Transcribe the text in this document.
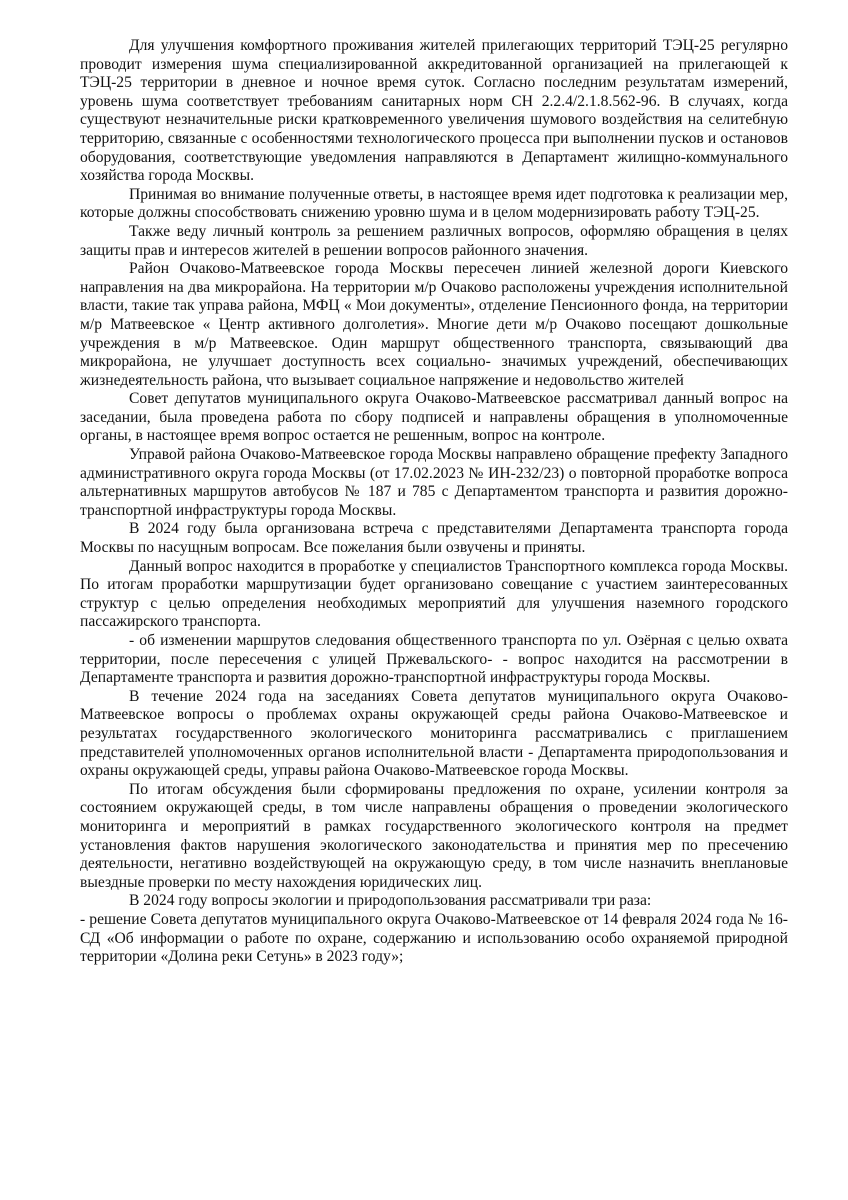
Для улучшения комфортного проживания жителей прилегающих территорий ТЭЦ-25 регулярно проводит измерения шума специализированной аккредитованной организацией на прилегающей к ТЭЦ-25 территории в дневное и ночное время суток. Согласно последним результатам измерений, уровень шума соответствует требованиям санитарных норм СН 2.2.4/2.1.8.562-96. В случаях, когда существуют незначительные риски кратковременного увеличения шумового воздействия на селитебную территорию, связанные с особенностями технологического процесса при выполнении пусков и остановов оборудования, соответствующие уведомления направляются в Департамент жилищно-коммунального хозяйства города Москвы.

Принимая во внимание полученные ответы, в настоящее время идет подготовка к реализации мер, которые должны способствовать снижению уровню шума и в целом модернизировать работу ТЭЦ-25.

Также веду личный контроль за решением различных вопросов, оформляю обращения в целях защиты прав и интересов жителей в решении вопросов районного значения.

Район Очаково-Матвеевское города Москвы пересечен линией железной дороги Киевского направления на два микрорайона. На территории м/р Очаково расположены учреждения исполнительной власти, такие так управа района, МФЦ « Мои документы», отделение Пенсионного фонда, на территории м/р Матвеевское « Центр активного долголетия». Многие дети м/р Очаково посещают дошкольные учреждения в м/р Матвеевское. Один маршрут общественного транспорта, связывающий два микрорайона, не улучшает доступность всех социально- значимых учреждений, обеспечивающих жизнедеятельность района, что вызывает социальное напряжение и недовольство жителей

Совет депутатов муниципального округа Очаково-Матвеевское рассматривал данный вопрос на заседании, была проведена работа по сбору подписей и направлены обращения в уполномоченные органы, в настоящее время вопрос остается не решенным, вопрос на контроле.

Управой района Очаково-Матвеевское города Москвы направлено обращение префекту Западного административного округа города Москвы (от 17.02.2023 № ИН-232/23) о повторной проработке вопроса альтернативных маршрутов автобусов № 187 и 785 с Департаментом транспорта и развития дорожно-транспортной инфраструктуры города Москвы.

В 2024 году была организована встреча с представителями Департамента транспорта города Москвы по насущным вопросам. Все пожелания были озвучены и приняты.

Данный вопрос находится в проработке у специалистов Транспортного комплекса города Москвы. По итогам проработки маршрутизации будет организовано совещание с участием заинтересованных структур с целью определения необходимых мероприятий для улучшения наземного городского пассажирского транспорта.

- об изменении маршрутов следования общественного транспорта по ул. Озёрная с целью охвата территории, после пересечения с улицей Пржевальского- - вопрос находится на рассмотрении в Департаменте транспорта и развития дорожно-транспортной инфраструктуры города Москвы.

В течение 2024 года на заседаниях Совета депутатов муниципального округа Очаково-Матвеевское вопросы о проблемах охраны окружающей среды района Очаково-Матвеевское и результатах государственного экологического мониторинга рассматривались с приглашением представителей уполномоченных органов исполнительной власти - Департамента природопользования и охраны окружающей среды, управы района Очаково-Матвеевское города Москвы.

По итогам обсуждения были сформированы предложения по охране, усилении контроля за состоянием окружающей среды, в том числе направлены обращения о проведении экологического мониторинга и мероприятий в рамках государственного экологического контроля на предмет установления фактов нарушения экологического законодательства и принятия мер по пресечению деятельности, негативно воздействующей на окружающую среду, в том числе назначить внеплановые выездные проверки по месту нахождения юридических лиц.

В 2024 году вопросы экологии и природопользования рассматривали три раза:

- решение Совета депутатов муниципального округа Очаково-Матвеевское от 14 февраля 2024 года № 16-СД «Об информации о работе по охране, содержанию и использованию особо охраняемой природной территории «Долина реки Сетунь» в 2023 году»;
